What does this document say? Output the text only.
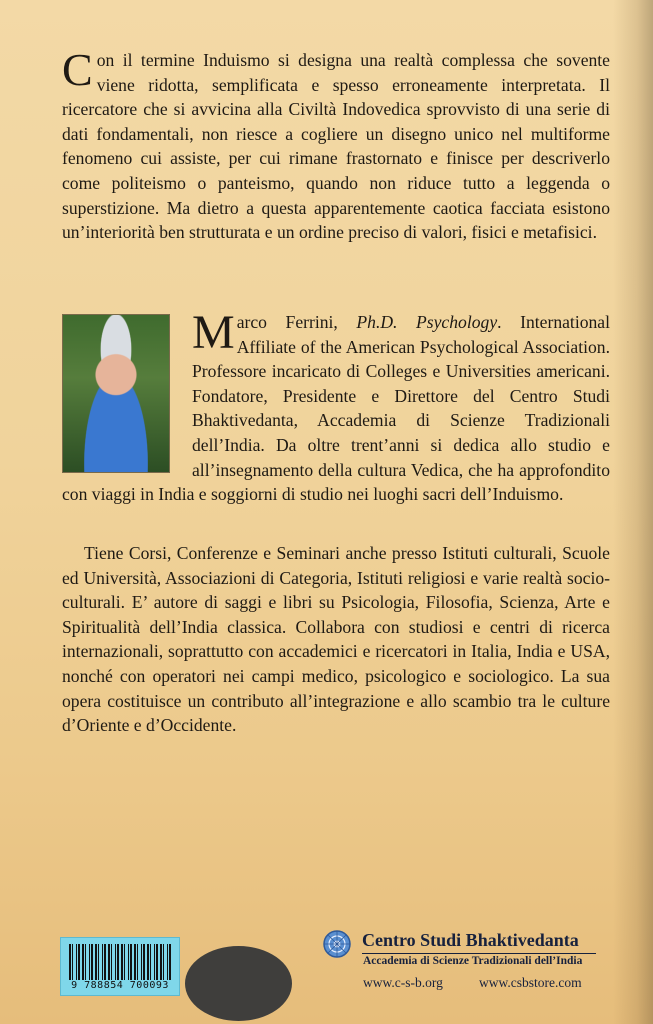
Con il termine Induismo si designa una realtà complessa che sovente viene ridotta, semplificata e spesso erroneamente interpretata. Il ricercatore che si avvicina alla Civiltà Indovedica sprovvisto di una serie di dati fondamentali, non riesce a cogliere un disegno unico nel multiforme fenomeno cui assiste, per cui rimane frastornato e finisce per descriverlo come politeismo o panteismo, quando non riduce tutto a leggenda o superstizione. Ma dietro a questa apparentemente caotica facciata esistono un’interiorità ben strutturata e un ordine preciso di valori, fisici e metafisici.

Marco Ferrini, Ph.D. Psychology. International Affiliate of the American Psychological Association. Professore incaricato di Colleges e Universities americani. Fondatore, Presidente e Direttore del Centro Studi Bhaktivedanta, Accademia di Scienze Tradizionali dell’India. Da oltre trent’anni si dedica allo studio e all’insegnamento della cultura Vedica, che ha approfondito con viaggi in India e soggiorni di studio nei luoghi sacri dell’Induismo.

Tiene Corsi, Conferenze e Seminari anche presso Istituti culturali, Scuole ed Università, Associazioni di Categoria, Istituti religiosi e varie realtà socio-culturali. E’ autore di saggi e libri su Psicologia, Filosofia, Scienza, Arte e Spiritualità dell’India classica. Collabora con studiosi e centri di ricerca internazionali, soprattutto con accademici e ricercatori in Italia, India e USA, nonché con operatori nei campi medico, psicologico e sociologico. La sua opera costituisce un contributo all’integrazione e allo scambio tra le culture d’Oriente e d’Occidente.

9 788854 700093
Centro Studi Bhaktivedanta
Accademia di Scienze Tradizionali dell’India
www.c-s-b.org	www.csbstore.com
